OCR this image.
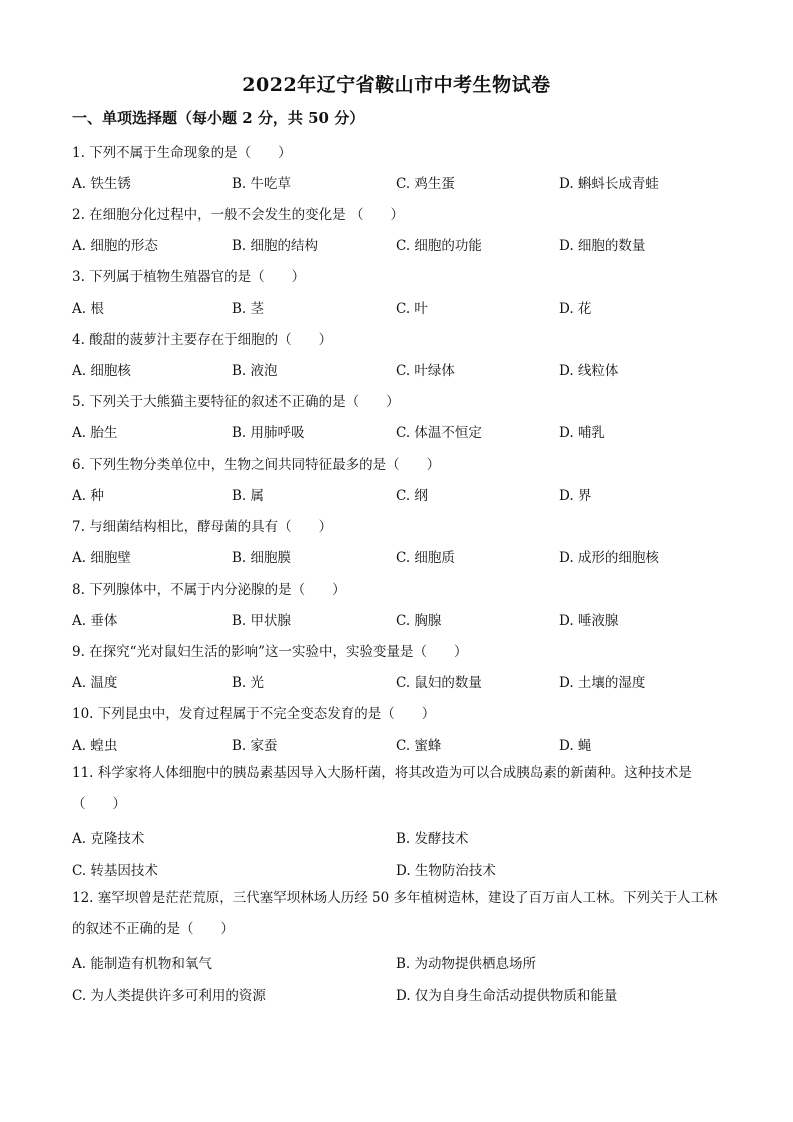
2022年辽宁省鞍山市中考生物试卷
一、单项选择题（每小题 2 分，共 50 分）
1. 下列不属于生命现象的是（　　）
A. 铁生锈	B. 牛吃草	C. 鸡生蛋	D. 蝌蚪长成青蛙
2. 在细胞分化过程中，一般不会发生的变化是 （　　）
A. 细胞的形态	B. 细胞的结构	C. 细胞的功能	D. 细胞的数量
3. 下列属于植物生殖器官的是（　　）
A. 根	B. 茎	C. 叶	D. 花
4. 酸甜的菠萝汁主要存在于细胞的（　　）
A. 细胞核	B. 液泡	C. 叶绿体	D. 线粒体
5. 下列关于大熊猫主要特征的叙述不正确的是（　　）
A. 胎生	B. 用肺呼吸	C. 体温不恒定	D. 哺乳
6. 下列生物分类单位中，生物之间共同特征最多的是（　　）
A. 种	B. 属	C. 纲	D. 界
7. 与细菌结构相比，酵母菌的具有（　　）
A. 细胞壁	B. 细胞膜	C. 细胞质	D. 成形的细胞核
8. 下列腺体中，不属于内分泌腺的是（　　）
A. 垂体	B. 甲状腺	C. 胸腺	D. 唾液腺
9. 在探究“光对鼠妇生活的影响”这一实验中，实验变量是（　　）
A. 温度	B. 光	C. 鼠妇的数量	D. 土壤的湿度
10. 下列昆虫中，发育过程属于不完全变态发育的是（　　）
A. 蝗虫	B. 家蚕	C. 蜜蜂	D. 蝇
11. 科学家将人体细胞中的胰岛素基因导入大肠杆菌，将其改造为可以合成胰岛素的新菌种。这种技术是（　　）
A. 克隆技术	B. 发酵技术
C. 转基因技术	D. 生物防治技术
12. 塞罕坝曾是茫茫荒原，三代塞罕坝林场人历经 50 多年植树造林，建设了百万亩人工林。下列关于人工林的叙述不正确的是（　　）
A. 能制造有机物和氧气	B. 为动物提供栖息场所
C. 为人类提供许多可利用的资源	D. 仅为自身生命活动提供物质和能量
